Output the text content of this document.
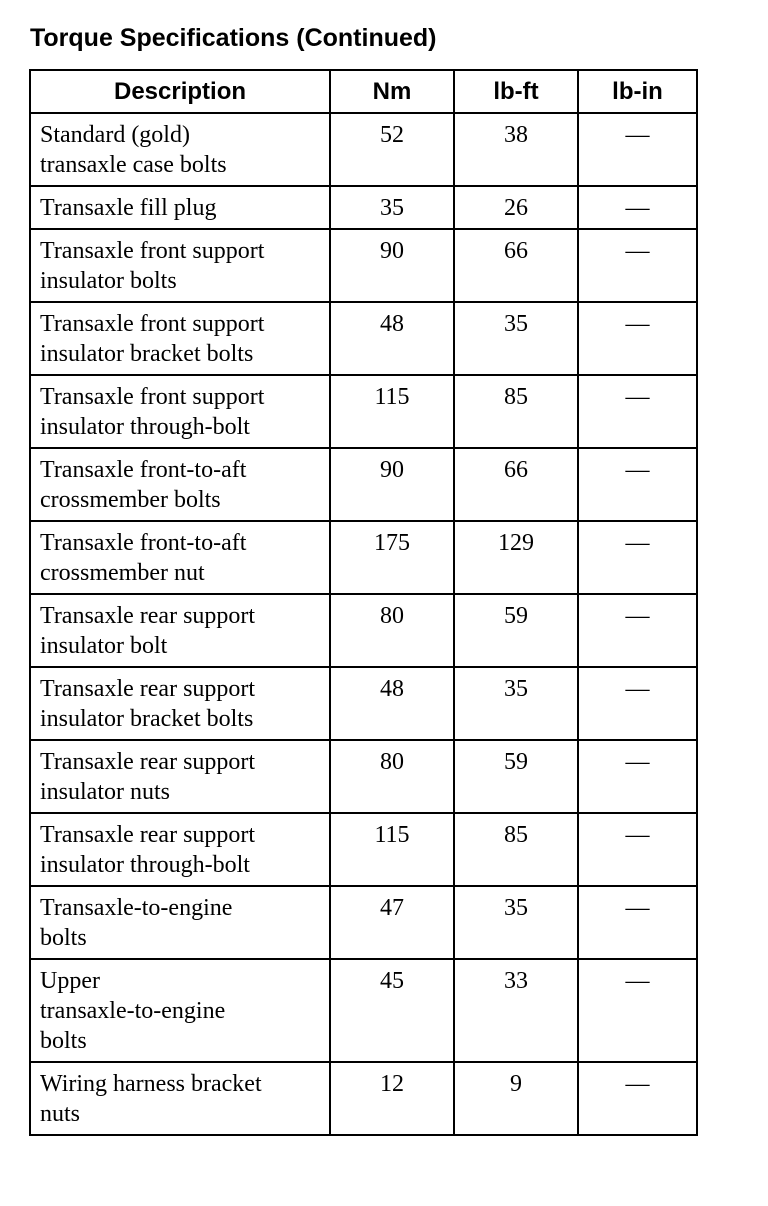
Torque Specifications (Continued)
Description	Nm	lb-ft	lb-in

Standard (gold)
transaxle case bolts	52	38	—

Transaxle fill plug	35	26	—

Transaxle front support
insulator bolts	90	66	—

Transaxle front support
insulator bracket bolts	48	35	—

Transaxle front support
insulator through-bolt	115	85	—

Transaxle front-to-aft
crossmember bolts	90	66	—

Transaxle front-to-aft
crossmember nut	175	129	—

Transaxle rear support
insulator bolt	80	59	—

Transaxle rear support
insulator bracket bolts	48	35	—

Transaxle rear support
insulator nuts	80	59	—

Transaxle rear support
insulator through-bolt	115	85	—

Transaxle-to-engine
bolts	47	35	—

Upper
transaxle-to-engine
bolts	45	33	—

Wiring harness bracket
nuts	12	9	—
